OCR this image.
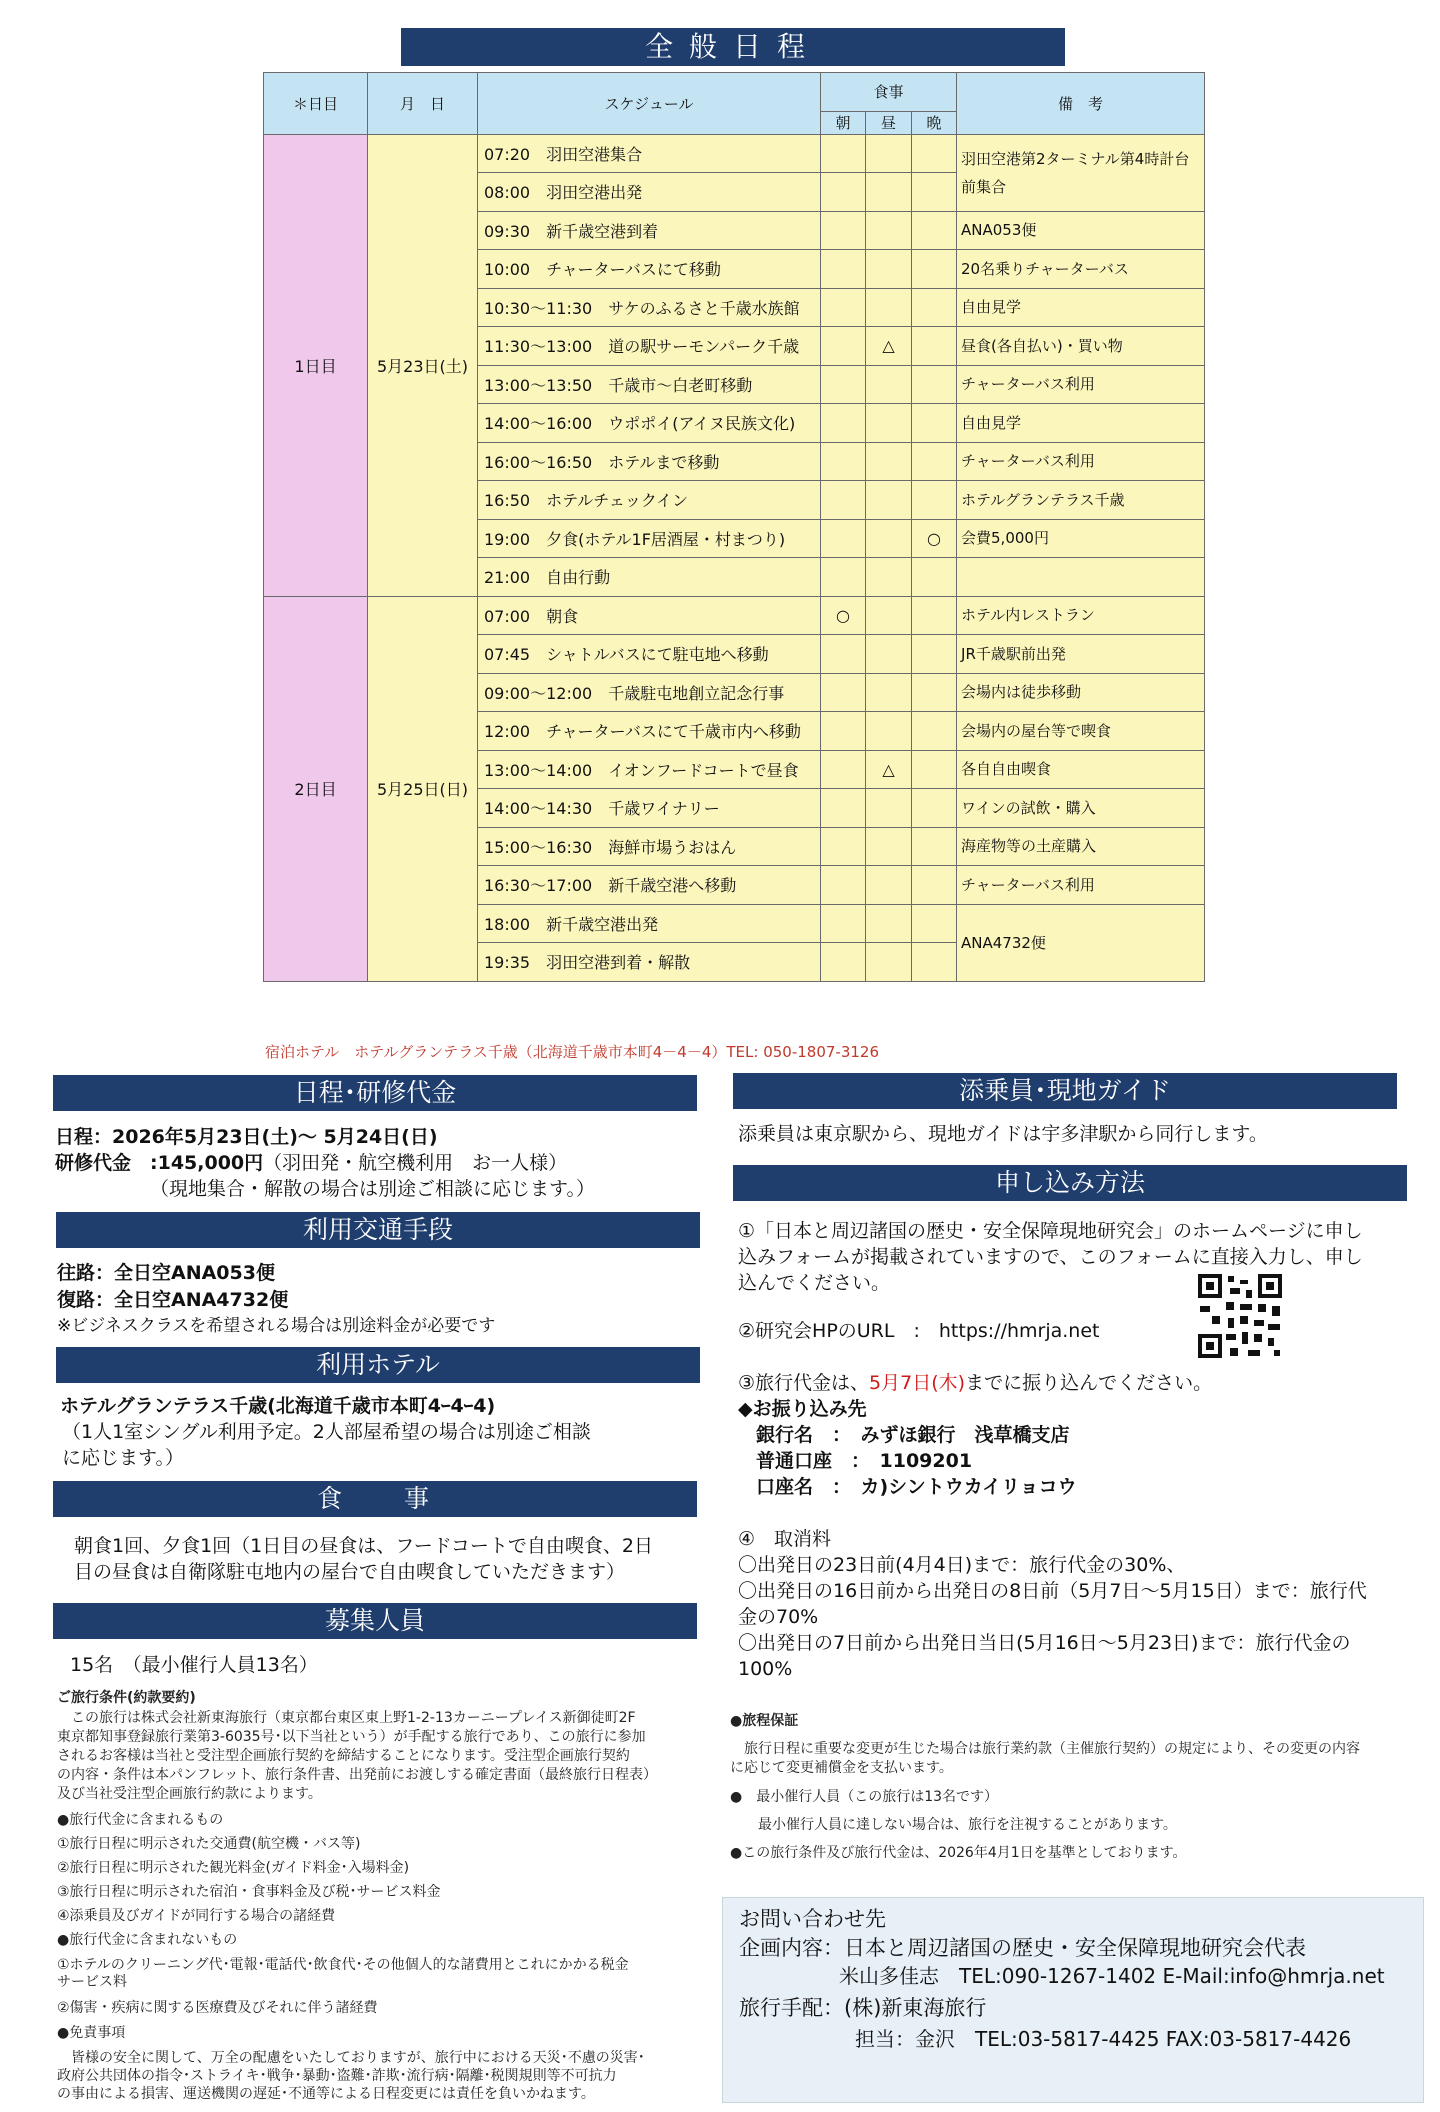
全般日程
＊日目	月　日	スケジュール	食事			備　考
			朝	昼	晩	
1日目	5月23日(土)	07:20　羽田空港集合				羽田空港第2ターミナル第4時計台前集合
		08:00　羽田空港出発				
		09:30　新千歳空港到着				ANA053便
		10:00　チャーターバスにて移動				20名乗りチャーターバス
		10:30～11:30　サケのふるさと千歳水族館				自由見学
		11:30～13:00　道の駅サーモンパーク千歳		△		昼食(各自払い)・買い物
		13:00～13:50　千歳市～白老町移動				チャーターバス利用
		14:00～16:00　ウポポイ(アイヌ民族文化)				自由見学
		16:00～16:50　ホテルまで移動				チャーターバス利用
		16:50　ホテルチェックイン				ホテルグランテラス千歳
		19:00　夕食(ホテル1F居酒屋・村まつり)			○	会費5,000円
		21:00　自由行動				
2日目	5月25日(日)	07:00　朝食	○			ホテル内レストラン
		07:45　シャトルバスにて駐屯地へ移動				JR千歳駅前出発
		09:00～12:00　千歳駐屯地創立記念行事				会場内は徒歩移動
		12:00　チャーターバスにて千歳市内へ移動				会場内の屋台等で喫食
		13:00～14:00　イオンフードコートで昼食		△		各自自由喫食
		14:00～14:30　千歳ワイナリー				ワインの試飲・購入
		15:00～16:30　海鮮市場うおはん				海産物等の土産購入
		16:30～17:00　新千歳空港へ移動				チャーターバス利用
		18:00　新千歳空港出発				ANA4732便
		19:35　羽田空港到着・解散				
宿泊ホテル　ホテルグランテラス千歳（北海道千歳市本町4－4－4）TEL: 050-1807-3126
日程･研修代金
日程：2026年5月23日(土)～ 5月24日(日)
研修代金　:145,000円（羽田発・航空機利用　お一人様）
（現地集合・解散の場合は別途ご相談に応じます。）
利用交通手段
往路：全日空ANA053便
復路：全日空ANA4732便
※ビジネスクラスを希望される場合は別途料金が必要です
利用ホテル
ホテルグランテラス千歳(北海道千歳市本町4ｰ4ｰ4)
（1人1室シングル利用予定。2人部屋希望の場合は別途ご相談
に応じます。）
食　　事
朝食1回、夕食1回（1日目の昼食は、フードコートで自由喫食、2日
目の昼食は自衛隊駐屯地内の屋台で自由喫食していただきます）
募集人員
15名　（最小催行人員13名）
ご旅行条件(約款要約)
　この旅行は株式会社新東海旅行（東京都台東区東上野1-2-13カーニープレイス新御徒町2F
東京都知事登録旅行業第3-6035号･以下当社という）が手配する旅行であり、この旅行に参加
されるお客様は当社と受注型企画旅行契約を締結することになります。受注型企画旅行契約
の内容・条件は本パンフレット、旅行条件書、出発前にお渡しする確定書面（最終旅行日程表）
及び当社受注型企画旅行約款によります。
●旅行代金に含まれるもの
①旅行日程に明示された交通費(航空機・バス等)
②旅行日程に明示された観光料金(ガイド料金･入場料金)
③旅行日程に明示された宿泊・食事料金及び税･サービス料金
④添乗員及びガイドが同行する場合の諸経費
●旅行代金に含まれないもの
①ホテルのクリーニング代･電報･電話代･飲食代･その他個人的な諸費用とこれにかかる税金
サービス料
②傷害・疾病に関する医療費及びそれに伴う諸経費
●免責事項
　皆様の安全に関して、万全の配慮をいたしておりますが、旅行中における天災･不慮の災害･
政府公共団体の指令･ストライキ･戦争･暴動･盗難･詐欺･流行病･隔離･税関規則等不可抗力
の事由による損害、運送機関の遅延･不通等による日程変更には責任を負いかねます。
添乗員･現地ガイド
添乗員は東京駅から、現地ガイドは宇多津駅から同行します。
申し込み方法
①「日本と周辺諸国の歴史・安全保障現地研究会」のホームページに申し
込みフォームが掲載されていますので、このフォームに直接入力し、申し
込んでください。
②研究会HPのURL　:　https://hmrja.net
③旅行代金は、5月7日(木)までに振り込んでください。
◆お振り込み先
銀行名　：　みずほ銀行　浅草橋支店
普通口座　：　1109201
口座名　：　カ)シントウカイリョコウ
④　取消料
〇出発日の23日前(4月4日)まで：旅行代金の30%、
〇出発日の16日前から出発日の8日前（5月7日～5月15日）まで：旅行代
金の70%
〇出発日の7日前から出発日当日(5月16日～5月23日)まで：旅行代金の
100%
●旅程保証
　旅行日程に重要な変更が生じた場合は旅行業約款（主催旅行契約）の規定により、その変更の内容
に応じて変更補償金を支払います。
●　最小催行人員（この旅行は13名です）
　　最小催行人員に達しない場合は、旅行を注視することがあります。
●この旅行条件及び旅行代金は、2026年4月1日を基準としております。
お問い合わせ先
企画内容：日本と周辺諸国の歴史・安全保障現地研究会代表
米山多佳志　TEL:090-1267-1402 E-Mail:info@hmrja.net
旅行手配：(株)新東海旅行
担当：金沢　TEL:03-5817-4425 FAX:03-5817-4426
